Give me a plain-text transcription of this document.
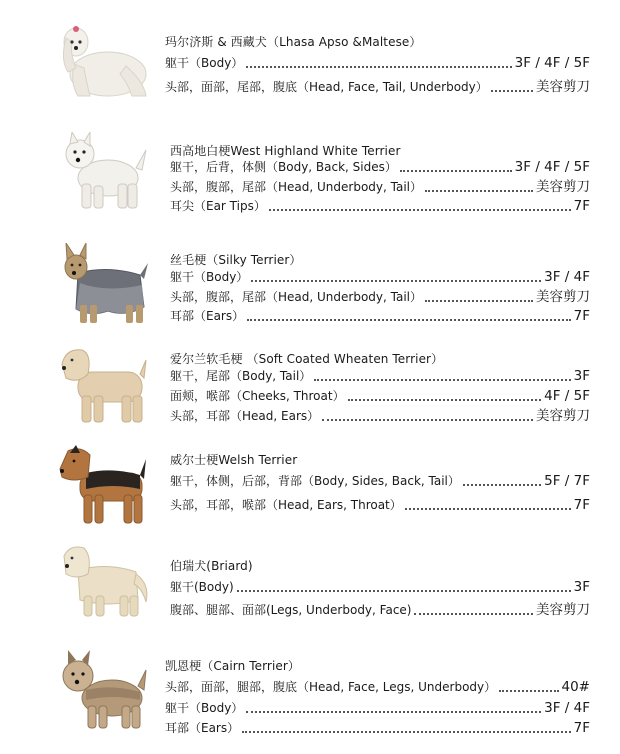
玛尔济斯 & 西藏犬（Lhasa Apso &Maltese）
躯干（Body）	3F / 4F / 5F
头部，面部，尾部，腹底（Head, Face, Tail, Underbody）	美容剪刀
西高地白梗West Highland White Terrier
躯干，后背，体侧（Body, Back, Sides）	3F / 4F / 5F
头部，腹部，尾部（Head, Underbody, Tail）	美容剪刀
耳尖（Ear Tips）	7F
丝毛梗（Silky Terrier）
躯干（Body）	3F / 4F
头部，腹部，尾部（Head, Underbody, Tail）	美容剪刀
耳部（Ears）	7F
爱尔兰软毛梗 （Soft Coated Wheaten Terrier）
躯干，尾部（Body, Tail）	3F
面颊，喉部（Cheeks, Throat）	4F / 5F
头部，耳部（Head, Ears）	美容剪刀
威尔士梗Welsh Terrier
躯干，体侧，后部，背部（Body, Sides, Back, Tail）	5F / 7F
头部，耳部，喉部（Head, Ears, Throat）	7F
伯瑞犬(Briard)
躯干(Body)	3F
腹部、腿部、面部(Legs, Underbody, Face)	美容剪刀
凯恩梗（Cairn Terrier）
头部，面部，腿部，腹底（Head, Face, Legs, Underbody）	40#
躯干（Body）	3F / 4F
耳部（Ears）	7F
